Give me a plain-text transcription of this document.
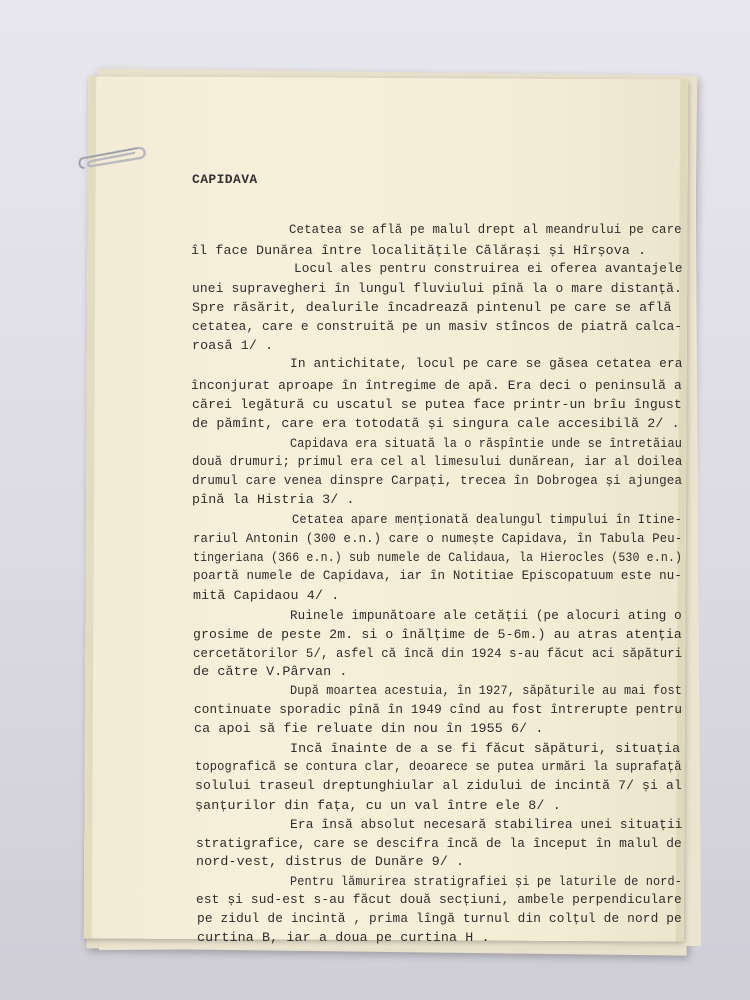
CAPIDAVA

Cetatea se află pe malul drept al meandrului pe care

îl face Dunărea între localitățile Călărași și Hîrșova .

Locul ales pentru construirea ei oferea avantajele

unei supravegheri în lungul fluviului pînă la o mare distanță.

Spre răsărit, dealurile încadrează pintenul pe care se află

cetatea, care e construită pe un masiv stîncos de piatră calca-

roasă 1/ .

In antichitate, locul pe care se găsea cetatea era

înconjurat aproape în întregime de apă. Era deci o peninsulă a

cărei legătură cu uscatul se putea face printr-un brîu îngust

de pămînt, care era totodată și singura cale accesibilă 2/ .

Capidava era situată la o răspîntie unde se întretăiau

două drumuri; primul era cel al limesului dunărean, iar al doilea

drumul care venea dinspre Carpați, trecea în Dobrogea și ajungea

pînă la Histria 3/ .

Cetatea apare menționată dealungul timpului în Itine-

rariul Antonin (300 e.n.) care o numește Capidava, în Tabula Peu-

tingeriana (366 e.n.) sub numele de Calidaua, la Hierocles (530 e.n.)

poartă numele de Capidava, iar în Notitiae Episcopatuum este nu-

mită Capidaou 4/ .

Ruinele impunătoare ale cetății (pe alocuri ating o

grosime de peste 2m. si o înălțime de 5-6m.) au atras atenția

cercetătorilor 5/, asfel că încă din 1924 s-au făcut aci săpături

de către V.Pârvan .

După moartea acestuia, în 1927, săpăturile au mai fost

continuate sporadic pînă în 1949 cînd au fost întrerupte pentru

ca apoi să fie reluate din nou în 1955 6/ .

Incă înainte de a se fi făcut săpături, situația

topografică se contura clar, deoarece se putea urmări la suprafață

solului traseul dreptunghiular al zidului de incintă 7/ și al

șanțurilor din fața, cu un val între ele 8/ .

Era însă absolut necesară stabilirea unei situații

stratigrafice, care se descifra încă de la început în malul de

nord-vest, distrus de Dunăre 9/ .

Pentru lămurirea stratigrafiei și pe laturile de nord-

est și sud-est s-au făcut două secțiuni, ambele perpendiculare

pe zidul de incintă , prima lîngă turnul din colțul de nord pe

curtina B, iar a doua pe curtina H .
